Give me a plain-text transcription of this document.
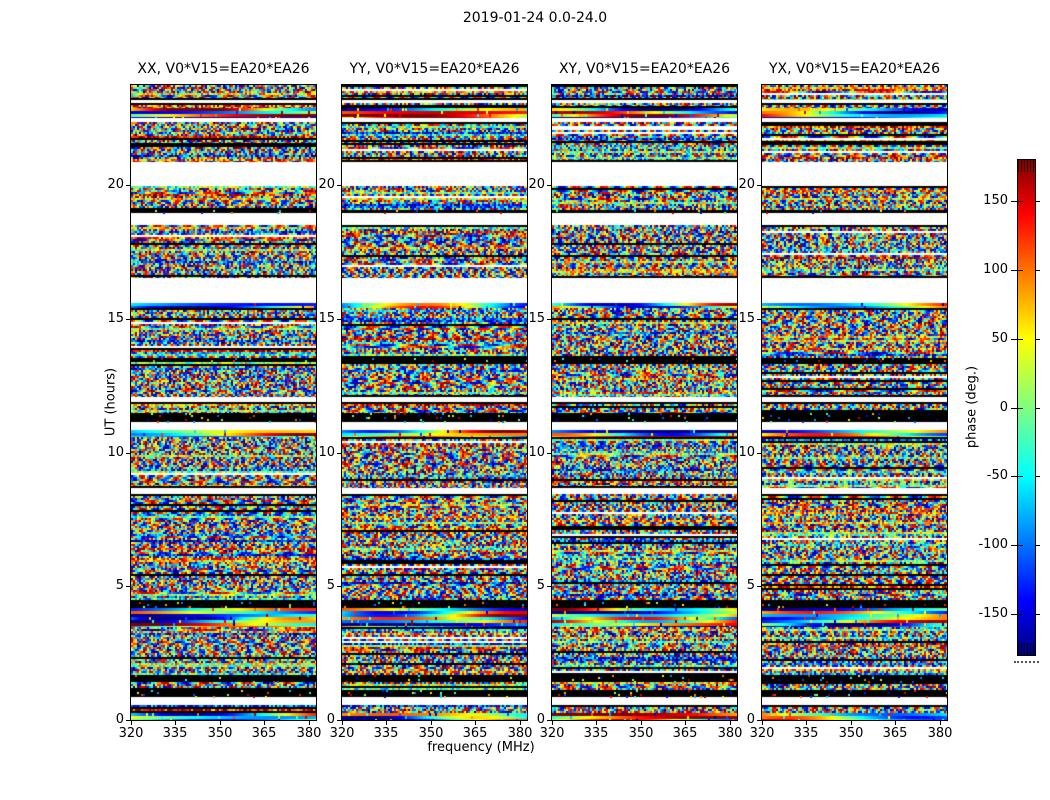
2019-01-24 0.0-24.0
UT (hours)
frequency (MHz)
phase (deg.)
XX, V0*V15=EA20*EA26
320	335	350	365	380
0
5
10
15
20
YY, V0*V15=EA20*EA26
320	335	350	365	380
0
5
10
15
20
XY, V0*V15=EA20*EA26
320	335	350	365	380
0
5
10
15
20
YX, V0*V15=EA20*EA26
320	335	350	365	380
0
5
10
15
20
150
100
50
0
-50
-100
-150
